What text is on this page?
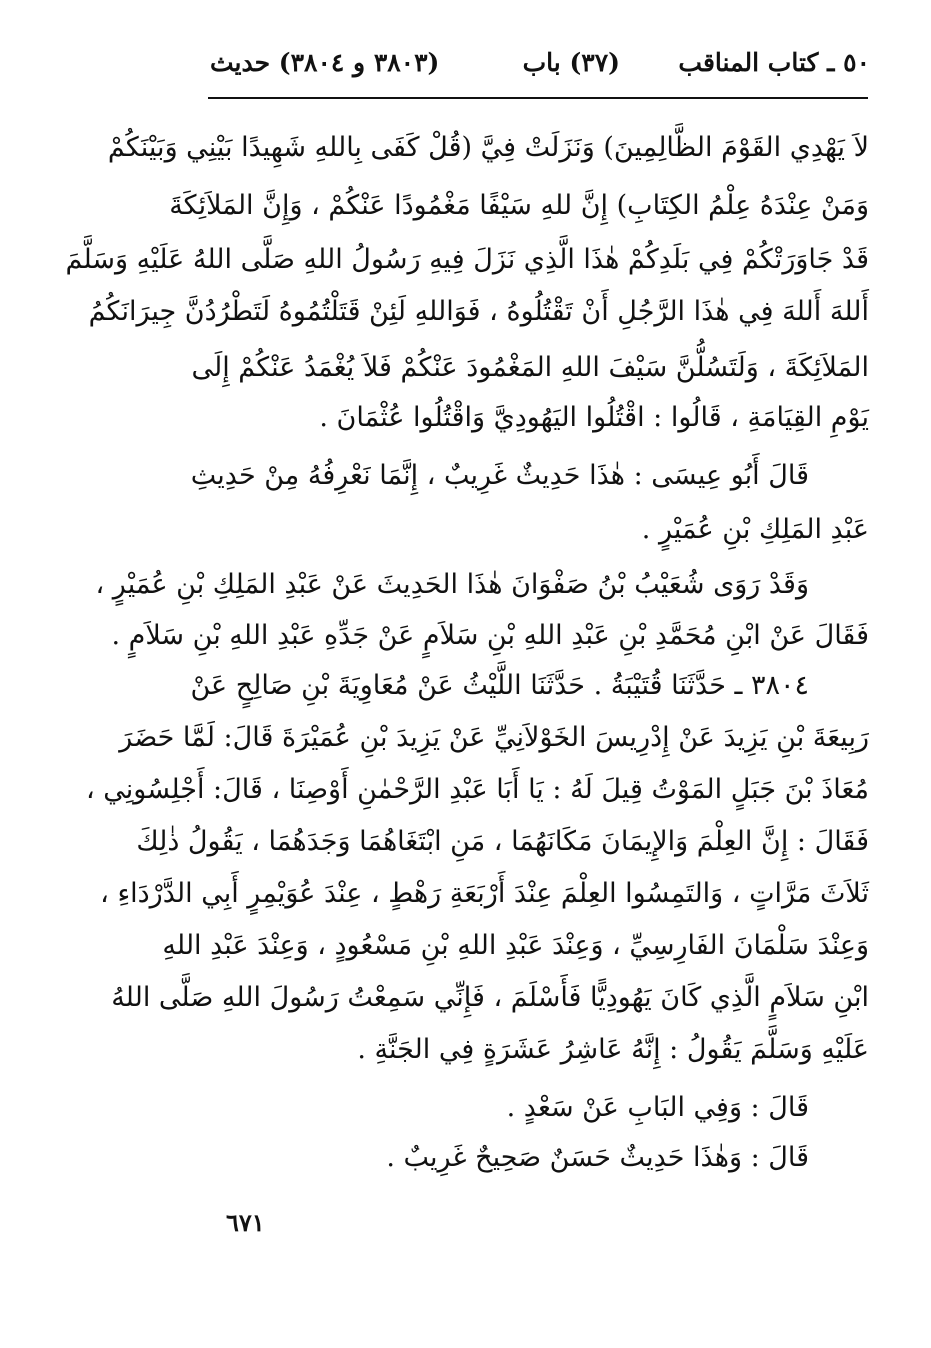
٥٠ ـ كتاب المناقب
(٣٧) باب
(٣٨٠٣ و ٣٨٠٤) حديث
لاَ يَهْدِي القَوْمَ الظَّالِمِينَ) وَنَزَلَتْ فِيَّ (قُلْ كَفَى بِاللهِ شَهِيدًا بَيْنِي وَبَيْنَكُمْ
وَمَنْ عِنْدَهُ عِلْمُ الكِتَابِ) إِنَّ للهِ سَيْفًا مَغْمُودًا عَنْكُمْ ، وَإِنَّ المَلاَئِكَةَ
قَدْ جَاوَرَتْكُمْ فِي بَلَدِكُمْ هٰذَا الَّذِي نَزَلَ فِيهِ رَسُولُ اللهِ صَلَّى اللهُ عَلَيْهِ وَسَلَّمَ
أَللهَ أَللهَ فِي هٰذَا الرَّجُلِ أَنْ تَقْتُلُوهُ ، فَوَاللهِ لَئِنْ قَتَلْتُمُوهُ لَتَطْرُدُنَّ جِيرَانَكُمُ
المَلاَئِكَةَ ، وَلَتَسُلُّنَّ سَيْفَ اللهِ المَغْمُودَ عَنْكُمْ فَلاَ يُغْمَدُ عَنْكُمْ إِلَى
يَوْمِ القِيَامَةِ ، قَالُوا : اقْتُلُوا اليَهُودِيَّ وَاقْتُلُوا عُثْمَانَ .
قَالَ أَبُو عِيسَى : هٰذَا حَدِيثٌ غَرِيبٌ ، إِنَّمَا نَعْرِفُهُ مِنْ حَدِيثِ
عَبْدِ المَلِكِ بْنِ عُمَيْرٍ .
وَقَدْ رَوَى شُعَيْبُ بْنُ صَفْوَانَ هٰذَا الحَدِيثَ عَنْ عَبْدِ المَلِكِ بْنِ عُمَيْرٍ ،
فَقَالَ عَنْ ابْنِ مُحَمَّدِ بْنِ عَبْدِ اللهِ بْنِ سَلاَمٍ عَنْ جَدِّهِ عَبْدِ اللهِ بْنِ سَلاَمٍ .
٣٨٠٤ ـ حَدَّثَنَا قُتَيْبَةُ . حَدَّثَنَا اللَّيْثُ عَنْ مُعَاوِيَةَ بْنِ صَالِحٍ عَنْ
رَبِيعَةَ بْنِ يَزِيدَ عَنْ إِدْرِيسَ الخَوْلاَنِيِّ عَنْ يَزِيدَ بْنِ عُمَيْرَةَ قَالَ: لَمَّا حَضَرَ
مُعَاذَ بْنَ جَبَلٍ المَوْتُ قِيلَ لَهُ : يَا أَبَا عَبْدِ الرَّحْمٰنِ أَوْصِنَا ، قَالَ: أَجْلِسُونِي ،
فَقَالَ : إِنَّ العِلْمَ وَالإِيمَانَ مَكَانَهُمَا ، مَنِ ابْتَغَاهُمَا وَجَدَهُمَا ، يَقُولُ ذٰلِكَ
ثَلاَثَ مَرَّاتٍ ، وَالتَمِسُوا العِلْمَ عِنْدَ أَرْبَعَةِ رَهْطٍ ، عِنْدَ عُوَيْمِرٍ أَبِي الدَّرْدَاءِ ،
وَعِنْدَ سَلْمَانَ الفَارِسِيِّ ، وَعِنْدَ عَبْدِ اللهِ بْنِ مَسْعُودٍ ، وَعِنْدَ عَبْدِ اللهِ
ابْنِ سَلاَمٍ الَّذِي كَانَ يَهُودِيًّا فَأَسْلَمَ ، فَإِنِّي سَمِعْتُ رَسُولَ اللهِ صَلَّى اللهُ
عَلَيْهِ وَسَلَّمَ يَقُولُ : إِنَّهُ عَاشِرُ عَشَرَةٍ فِي الجَنَّةِ .
قَالَ : وَفِي البَابِ عَنْ سَعْدٍ .
قَالَ : وَهٰذَا حَدِيثٌ حَسَنٌ صَحِيحٌ غَرِيبٌ .
٦٧١
